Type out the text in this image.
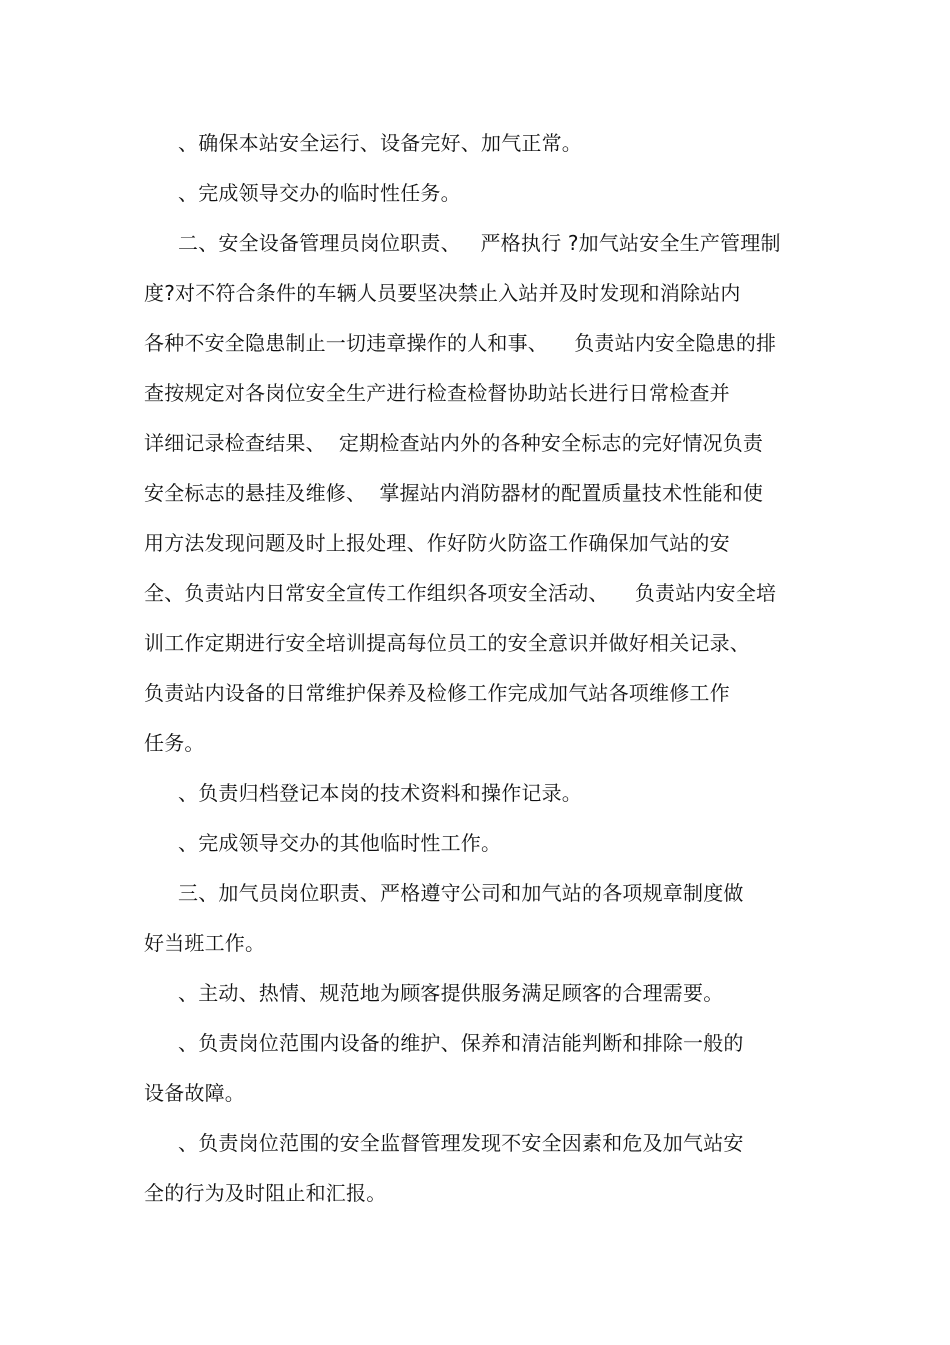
、确保本站安全运行、设备完好、加气正常。
、完成领导交办的临时性任务。
二、安全设备管理员岗位职责、   严格执行 ?加气站安全生产管理制
度?对不符合条件的车辆人员要坚决禁止入站并及时发现和消除站内
各种不安全隐患制止一切违章操作的人和事、    负责站内安全隐患的排
查按规定对各岗位安全生产进行检查检督协助站长进行日常检查并
详细记录检查结果、  定期检查站内外的各种安全标志的完好情况负责
安全标志的悬挂及维修、  掌握站内消防器材的配置质量技术性能和使
用方法发现问题及时上报处理、作好防火防盗工作确保加气站的安
全、负责站内日常安全宣传工作组织各项安全活动、    负责站内安全培
训工作定期进行安全培训提高每位员工的安全意识并做好相关记录、
负责站内设备的日常维护保养及检修工作完成加气站各项维修工作
任务。
、负责归档登记本岗的技术资料和操作记录。
、完成领导交办的其他临时性工作。
三、加气员岗位职责、严格遵守公司和加气站的各项规章制度做
好当班工作。
、主动、热情、规范地为顾客提供服务满足顾客的合理需要。
、负责岗位范围内设备的维护、保养和清洁能判断和排除一般的
设备故障。
、负责岗位范围的安全监督管理发现不安全因素和危及加气站安
全的行为及时阻止和汇报。
